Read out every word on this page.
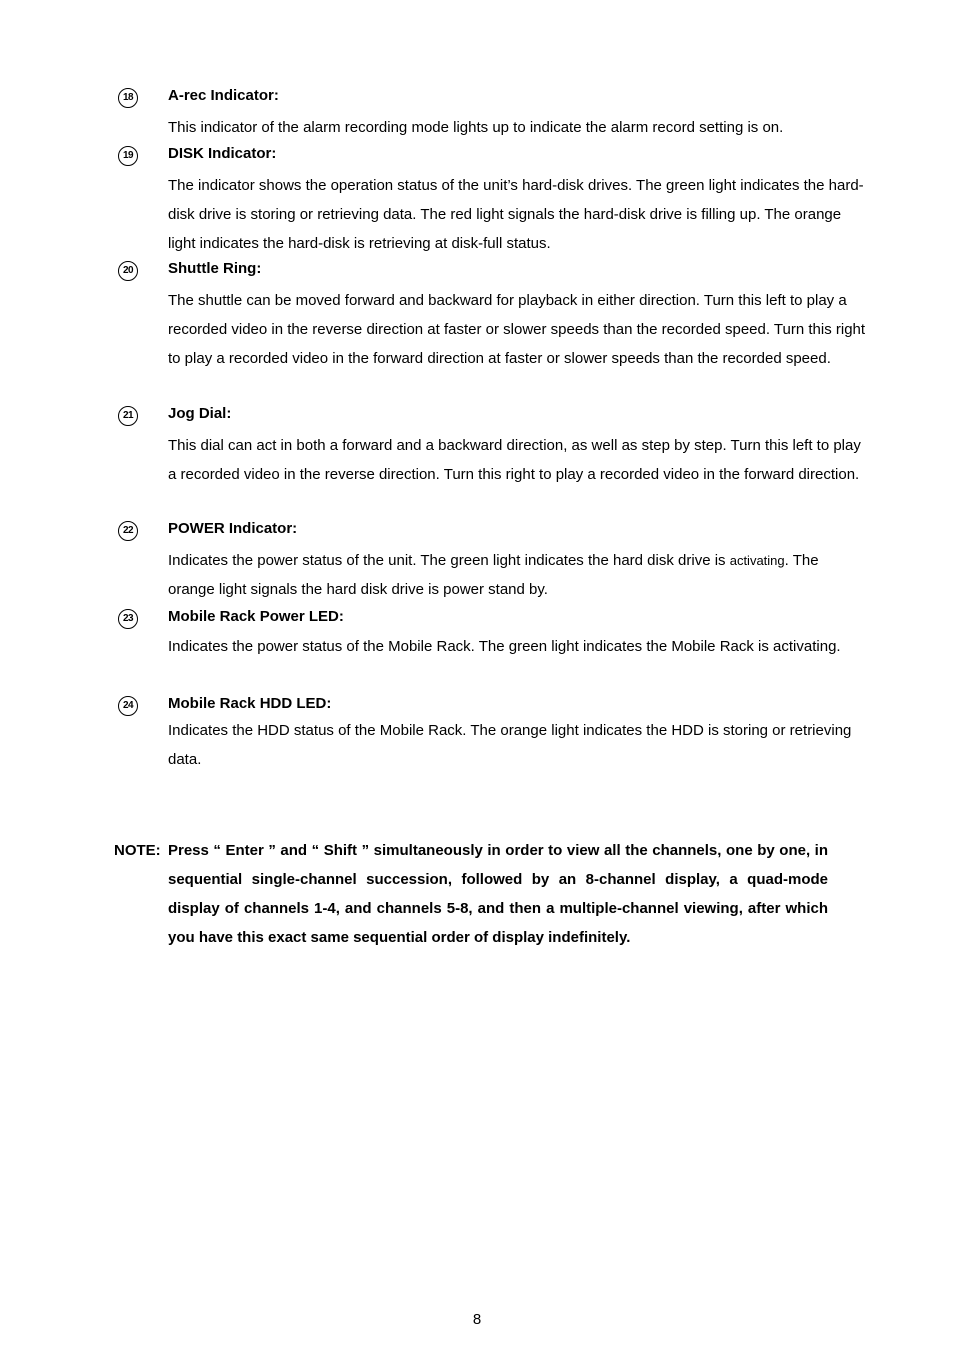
18	A-rec Indicator:
This indicator of the alarm recording mode lights up to indicate the alarm record setting is on.
19	DISK Indicator:
The indicator shows the operation status of the unit’s hard-disk drives. The green light indicates the hard-disk drive is storing or retrieving data. The red light signals the hard-disk drive is filling up. The orange light indicates the hard-disk is retrieving at disk-full status.
20	Shuttle Ring:
The shuttle can be moved forward and backward for playback in either direction. Turn this left to play a recorded video in the reverse direction at faster or slower speeds than the recorded speed. Turn this right to play a recorded video in the forward direction at faster or slower speeds than the recorded speed.
21	Jog Dial:
This dial can act in both a forward and a backward direction, as well as step by step. Turn this left to play a recorded video in the reverse direction. Turn this right to play a recorded video in the forward direction.
22	POWER Indicator:
Indicates the power status of the unit. The green light indicates the hard disk drive is activating. The orange light signals the hard disk drive is power stand by.
23	Mobile Rack Power LED:
Indicates the power status of the Mobile Rack. The green light indicates the Mobile Rack is activating.
24	Mobile Rack HDD LED:
Indicates the HDD status of the Mobile Rack. The orange light indicates the HDD is storing or retrieving data.
NOTE: Press “ Enter ” and “ Shift ” simultaneously in order to view all the channels, one by one, in sequential single-channel succession, followed by an 8-channel display, a quad-mode display of channels 1-4, and channels 5-8, and then a multiple-channel viewing, after which you have this exact same sequential order of display indefinitely.
8
